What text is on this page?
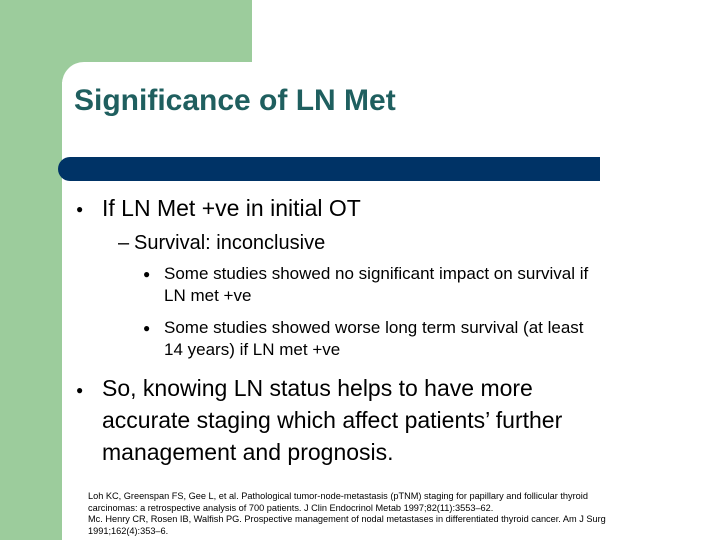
Significance of LN Met
● If LN Met +ve in initial OT
– Survival: inconclusive
● Some studies showed no significant impact on survival if
LN met +ve
● Some studies showed worse long term survival (at least
14 years) if LN met +ve
● So, knowing LN status helps to have more
accurate staging which affect patients’ further
management and prognosis.
Loh KC, Greenspan FS, Gee L, et al. Pathological tumor-node-metastasis (pTNM) staging for papillary and follicular thyroid
carcinomas: a retrospective analysis of 700 patients. J Clin Endocrinol Metab 1997;82(11):3553–62.
Mc. Henry CR, Rosen IB, Walfish PG. Prospective management of nodal metastases in differentiated thyroid cancer. Am J Surg
1991;162(4):353–6.
